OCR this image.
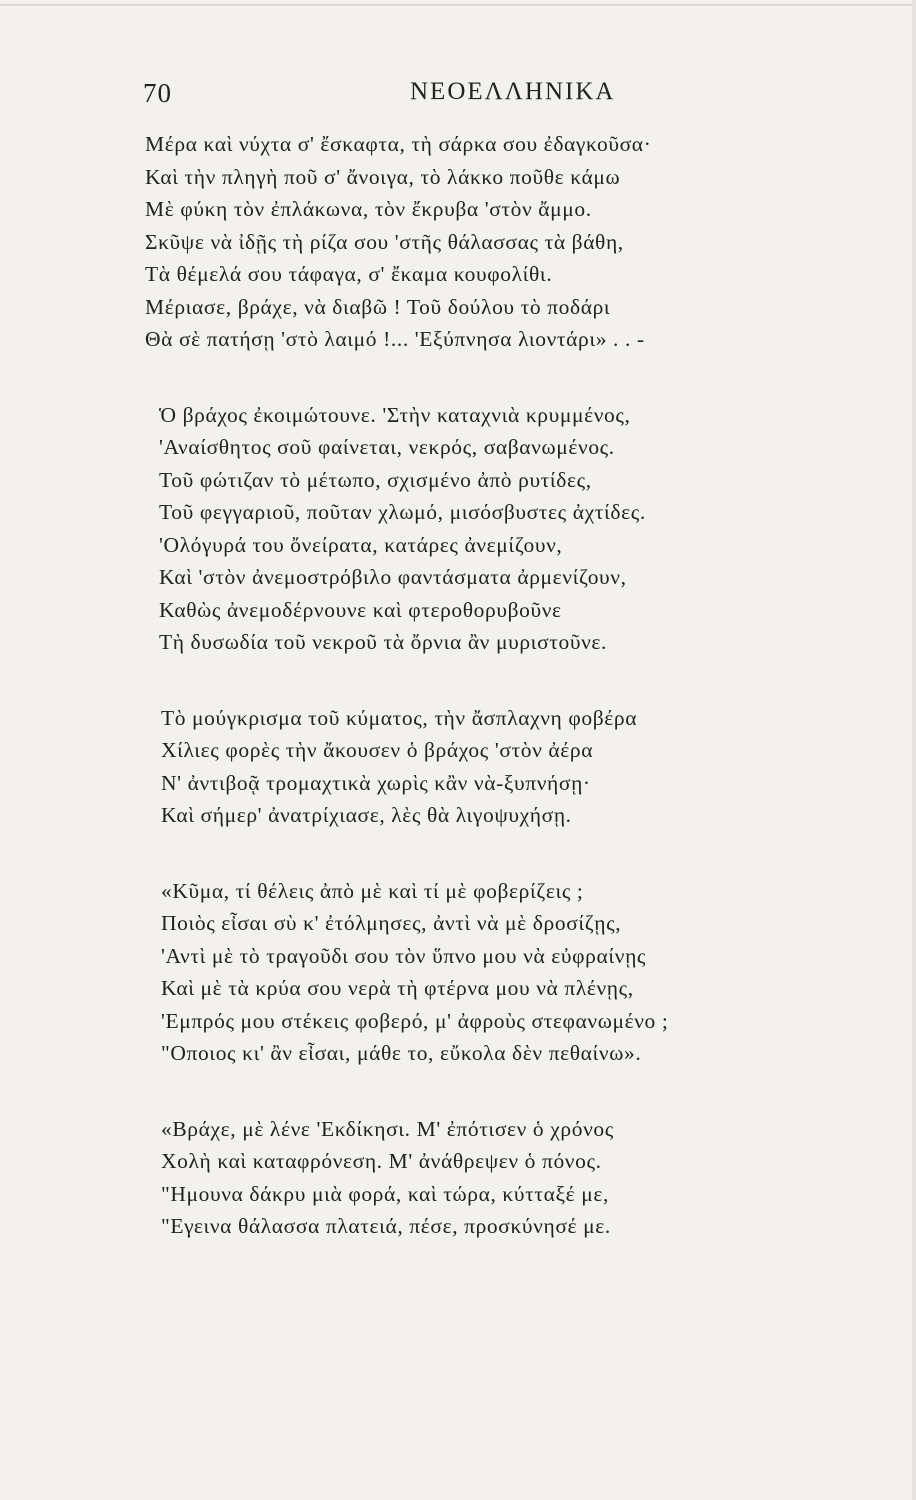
70	ΝΕΟΕΛΛΗΝΙΚΑ
Μέρα καὶ νύχτα σ' ἔσκαφτα, τὴ σάρκα σου ἐδαγκοῦσα·
Καὶ τὴν πληγὴ ποῦ σ' ἄνοιγα, τὸ λάκκο ποῦθε κάμω
Μὲ φύκη τὸν ἐπλάκωνα, τὸν ἔκρυβα 'στὸν ἄμμο.
Σκῦψε νὰ ἰδῇς τὴ ρίζα σου 'στῆς θάλασσας τὰ βάθη,
Τὰ θέμελά σου τάφαγα, σ' ἔκαμα κουφολίθι.
Μέριασε, βράχε, νὰ διαβῶ ! Τοῦ δούλου τὸ ποδάρι
Θὰ σὲ πατήσῃ 'στὸ λαιμό !... 'Εξύπνησα λιοντάρι» . . -
Ὁ βράχος ἐκοιμώτουνε. 'Στὴν καταχνιὰ κρυμμένος,
'Αναίσθητος σοῦ φαίνεται, νεκρός, σαβανωμένος.
Τοῦ φώτιζαν τὸ μέτωπο, σχισμένο ἀπὸ ρυτίδες,
Τοῦ φεγγαριοῦ, ποῦταν χλωμό, μισόσβυστες ἀχτίδες.
'Ολόγυρά του ὄνείρατα, κατάρες ἀνεμίζουν,
Καὶ 'στὸν ἀνεμοστρόβιλο φαντάσματα ἀρμενίζουν,
Καθὼς ἀνεμοδέρνουνε καὶ φτεροθορυβοῦνε
Τὴ δυσωδία τοῦ νεκροῦ τὰ ὄρνια ἂν μυριστοῦνε.
Τὸ μούγκρισμα τοῦ κύματος, τὴν ἄσπλαχνη φοβέρα
Χίλιες φορὲς τὴν ἄκουσεν ὁ βράχος 'στὸν ἀέρα
Ν' ἀντιβοᾷ τρομαχτικὰ χωρὶς κἂν νὰ-ξυπνήσῃ·
Καὶ σήμερ' ἀνατρίχιασε, λὲς θὰ λιγοψυχήσῃ.
«Κῦμα, τί θέλεις ἀπὸ μὲ καὶ τί μὲ φοβερίζεις ;
Ποιὸς εἶσαι σὺ κ' ἐτόλμησες, ἀντὶ νὰ μὲ δροσίζῃς,
'Αντὶ μὲ τὸ τραγοῦδι σου τὸν ὕπνο μου νὰ εὐφραίνῃς
Καὶ μὲ τὰ κρύα σου νερὰ τὴ φτέρνα μου νὰ πλένῃς,
'Εμπρός μου στέκεις φοβερό, μ' ἀφροὺς στεφανωμένο ;
"Οποιος κι' ἂν εἶσαι, μάθε το, εὔκολα δὲν πεθαίνω».
«Βράχε, μὲ λένε 'Εκδίκησι. Μ' ἐπότισεν ὁ χρόνος
Χολὴ καὶ καταφρόνεση. Μ' ἀνάθρεψεν ὁ πόνος.
"Ημουνα δάκρυ μιὰ φορά, καὶ τώρα, κύτταξέ με,
"Εγεινα θάλασσα πλατειά, πέσε, προσκύνησέ με.
